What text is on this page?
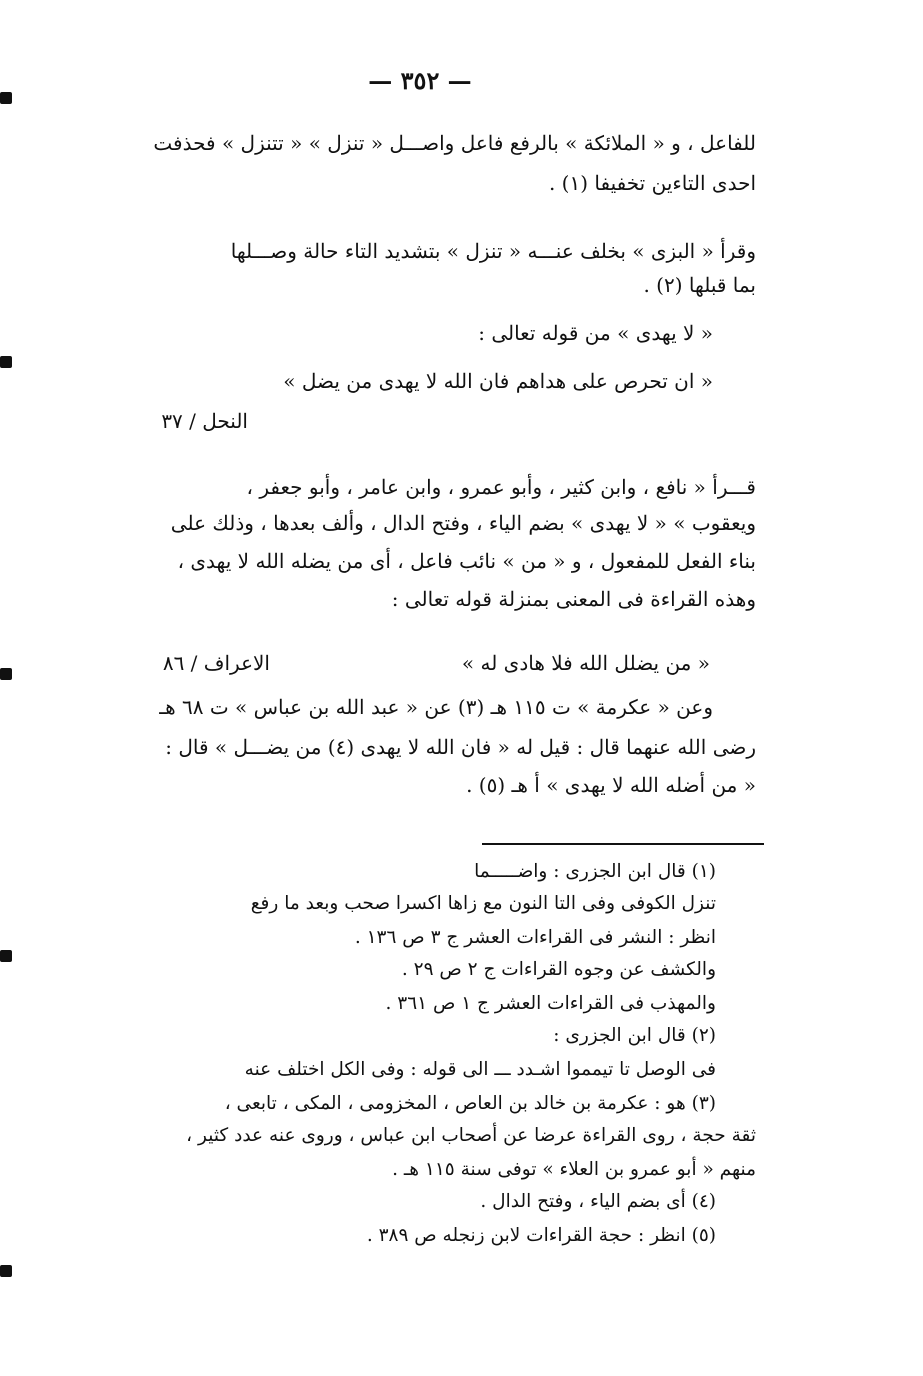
— ٣٥٢ —
للفاعل ، و « الملائكة » بالرفع فاعل واصـــل « تنزل » « تتنزل » فحذفت
احدى التاءين تخفيفا (١) .
وقرأ « البزى » بخلف عنـــه « تنزل » بتشديد التاء حالة وصـــلها
بما قبلها (٢) .
« لا يهدى » من قوله تعالى :
« ان تحرص على هداهم فان الله لا يهدى من يضل »
النحل / ٣٧
قـــرأ « نافع ، وابن كثير ، وأبو عمرو ، وابن عامر ، وأبو جعفر ،
ويعقوب » « لا يهدى » بضم الياء ، وفتح الدال ، وألف بعدها ، وذلك على
بناء الفعل للمفعول ، و « من » نائب فاعل ، أى من يضله الله لا يهدى ،
وهذه القراءة فى المعنى بمنزلة قوله تعالى :
« من يضلل الله فلا هادى له »
الاعراف / ٨٦
وعن « عكرمة » ت ١١٥ هـ (٣) عن « عبد الله بن عباس » ت ٦٨ هـ
رضى الله عنهما قال : قيل له « فان الله لا يهدى (٤) من يضـــل » قال :
« من أضله الله لا يهدى » أ هـ (٥) .
(١) قال ابن الجزرى : واضـــــما
تنزل الكوفى وفى التا النون مع زاها اكسرا صحب وبعد ما رفع
انظر : النشر فى القراءات العشر ج ٣ ص ١٣٦ .
والكشف عن وجوه القراءات ج ٢ ص ٢٩ .
والمهذب فى القراءات العشر ج ١ ص ٣٦١ .
(٢) قال ابن الجزرى :
فى الوصل تا تيمموا اشـدد ـــ الى قوله : وفى الكل اختلف عنه
(٣) هو : عكرمة بن خالد بن العاص ، المخزومى ، المكى ، تابعى ،
ثقة حجة ، روى القراءة عرضا عن أصحاب ابن عباس ، وروى عنه عدد كثير ،
منهم « أبو عمرو بن العلاء » توفى سنة ١١٥ هـ .
(٤) أى بضم الياء ، وفتح الدال .
(٥) انظر : حجة القراءات لابن زنجله ص ٣٨٩ .
